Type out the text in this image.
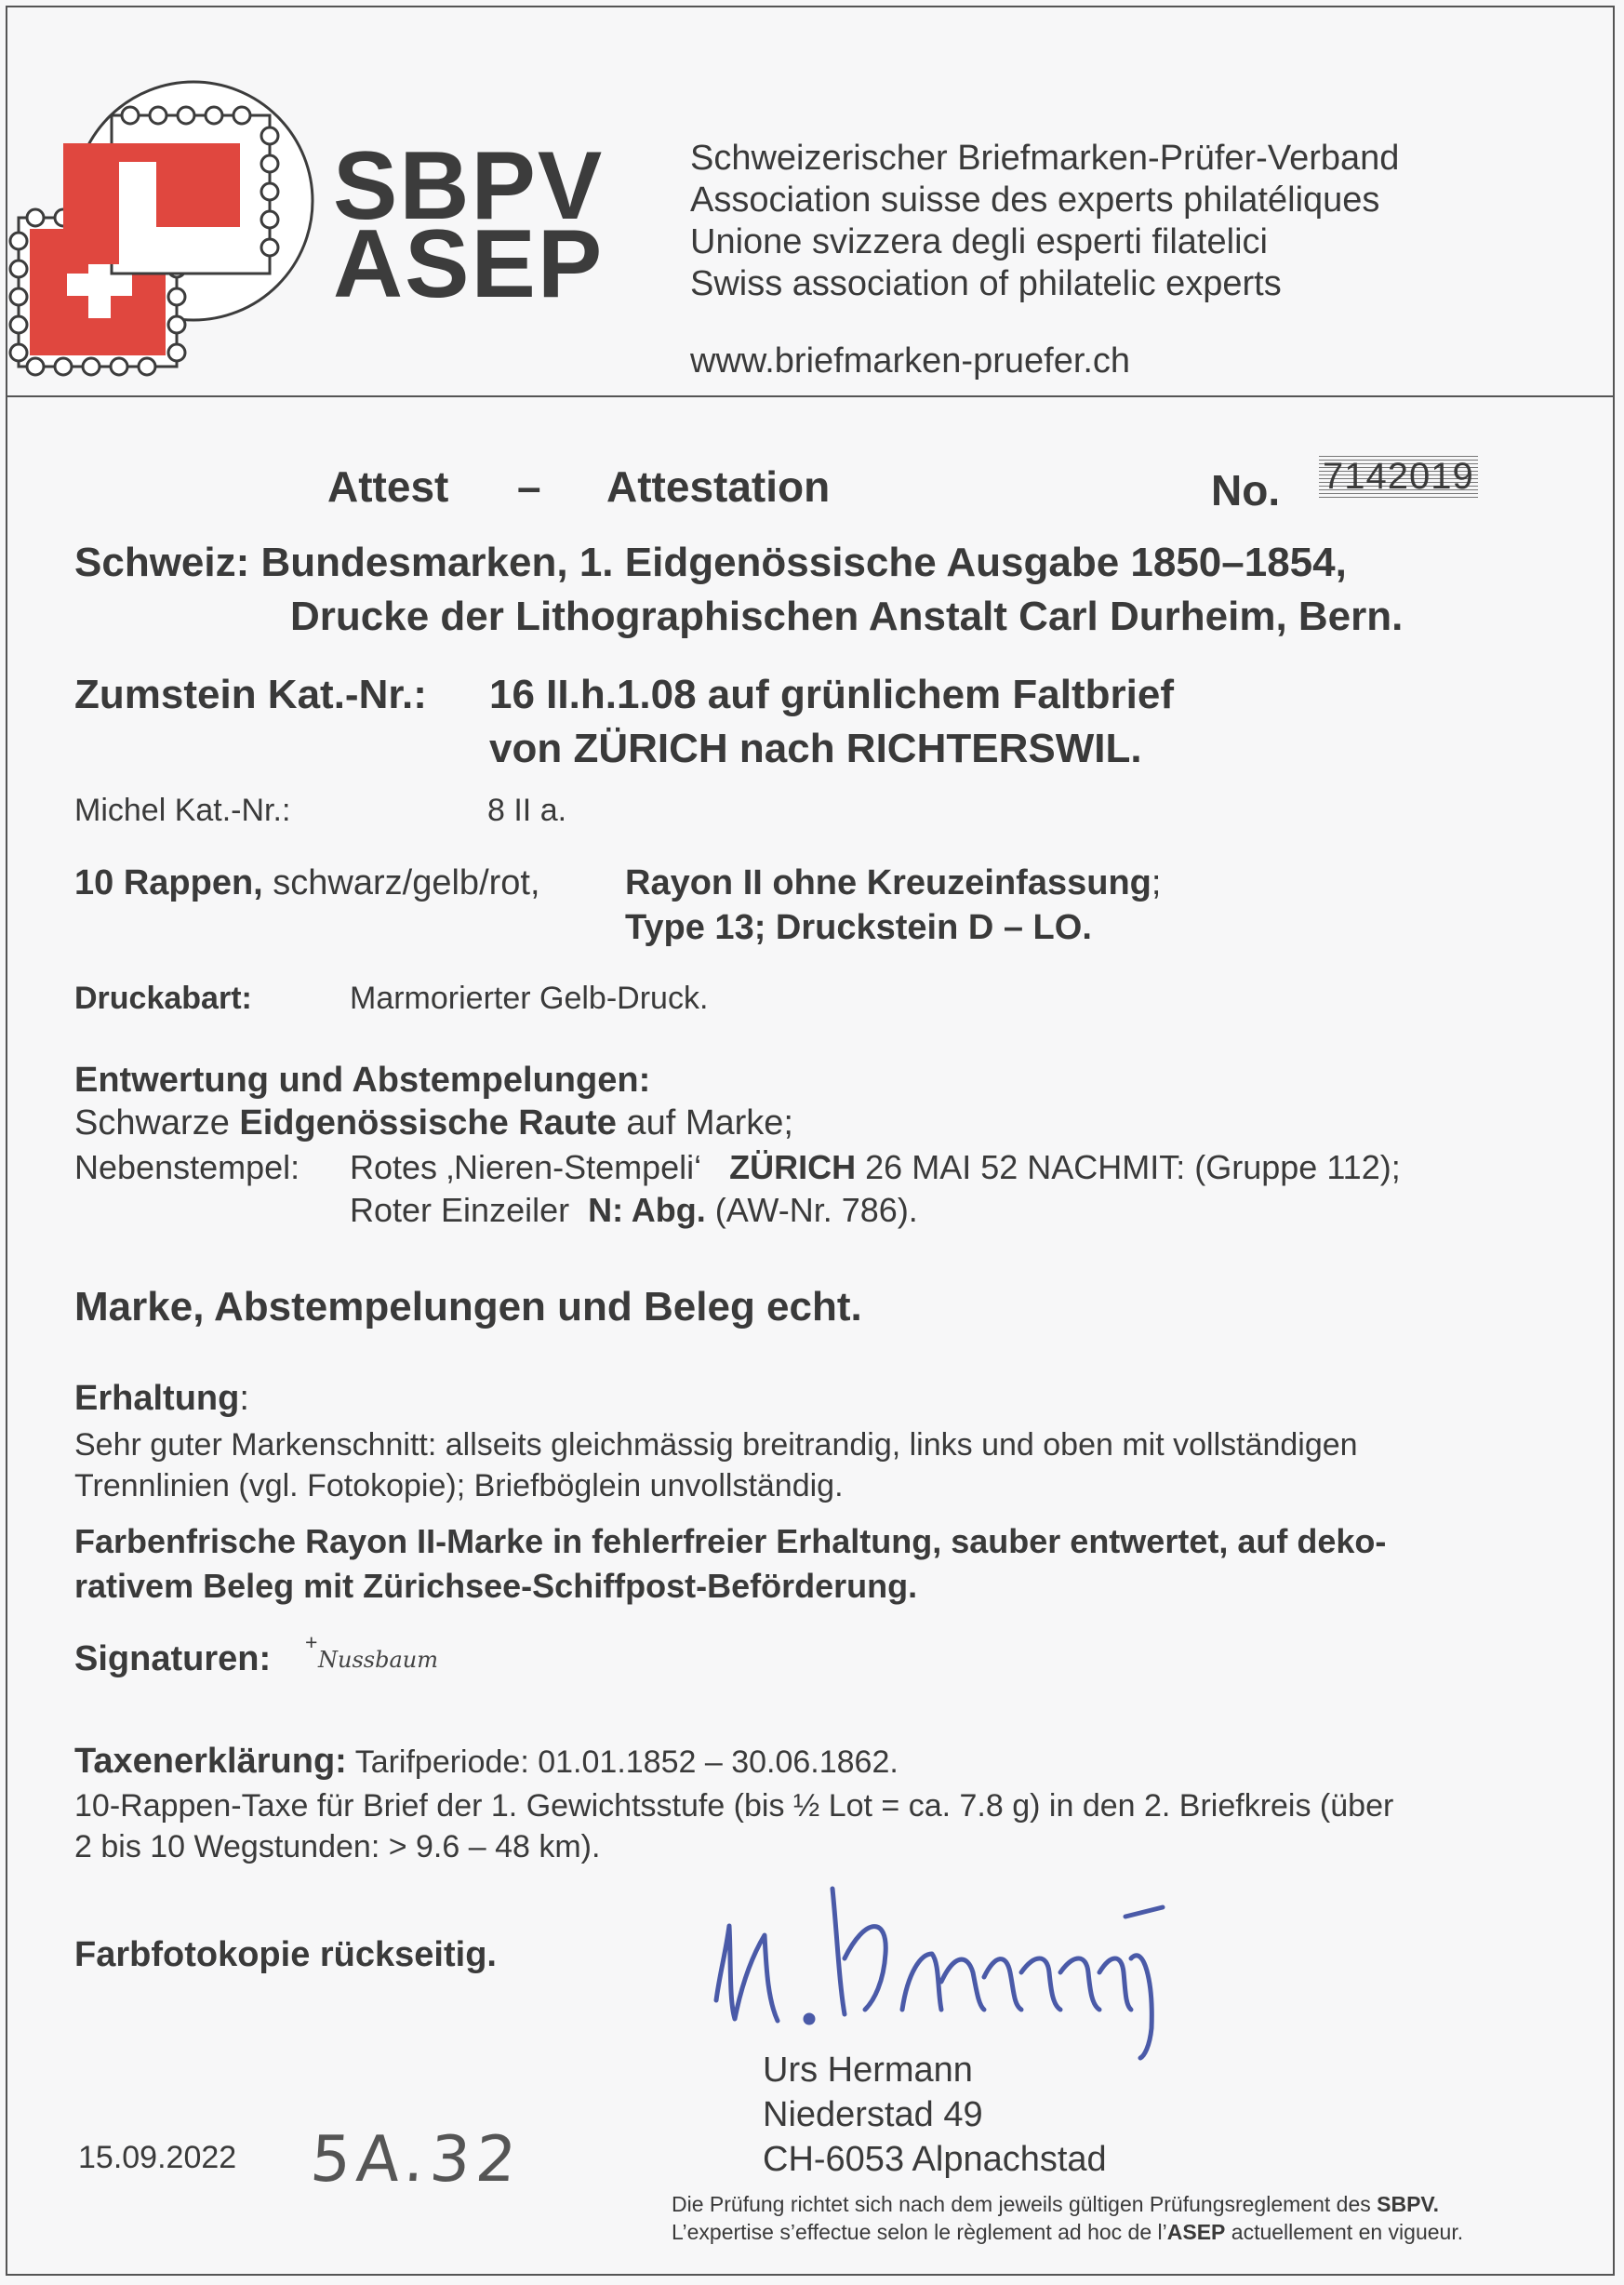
SBPV
ASEP
Schweizerischer Briefmarken-Prüfer-Verband
Association suisse des experts philatéliques
Unione svizzera degli esperti filatelici
Swiss association of philatelic experts
www.briefmarken-pruefer.ch
Attest – Attestation	No. 7142019
Schweiz: Bundesmarken, 1. Eidgenössische Ausgabe 1850–1854,
Drucke der Lithographischen Anstalt Carl Durheim, Bern.
Zumstein Kat.-Nr.: 16 II.h.1.08 auf grünlichem Faltbrief
von ZÜRICH nach RICHTERSWIL.
Michel Kat.-Nr.:	8 II a.
10 Rappen, schwarz/gelb/rot, Rayon II ohne Kreuzeinfassung;
Type 13; Druckstein D – LO.
Druckabart:	Marmorierter Gelb-Druck.
Entwertung und Abstempelungen:
Schwarze Eidgenössische Raute auf Marke;
Nebenstempel: Rotes ‚Nieren-Stempeli‘ ZÜRICH 26 MAI 52 NACHMIT: (Gruppe 112);
Roter Einzeiler N: Abg. (AW-Nr. 786).
Marke, Abstempelungen und Beleg echt.
Erhaltung:
Sehr guter Markenschnitt: allseits gleichmässig breitrandig, links und oben mit vollständigen
Trennlinien (vgl. Fotokopie); Briefböglein unvollständig.
Farbenfrische Rayon II-Marke in fehlerfreier Erhaltung, sauber entwertet, auf deko-
rativem Beleg mit Zürichsee-Schiffpost-Beförderung.
Signaturen: +
Nussbaum
Taxenerklärung: Tarifperiode: 01.01.1852 – 30.06.1862.
10-Rappen-Taxe für Brief der 1. Gewichtsstufe (bis ½ Lot = ca. 7.8 g) in den 2. Briefkreis (über
2 bis 10 Wegstunden: > 9.6 – 48 km).
Farbfotokopie rückseitig.
U. Hermann
Urs Hermann
Niederstad 49
CH-6053 Alpnachstad
15.09.2022 5A.32
Die Prüfung richtet sich nach dem jeweils gültigen Prüfungsreglement des SBPV.
L’expertise s’effectue selon le règlement ad hoc de l’ASEP actuellement en vigueur.
